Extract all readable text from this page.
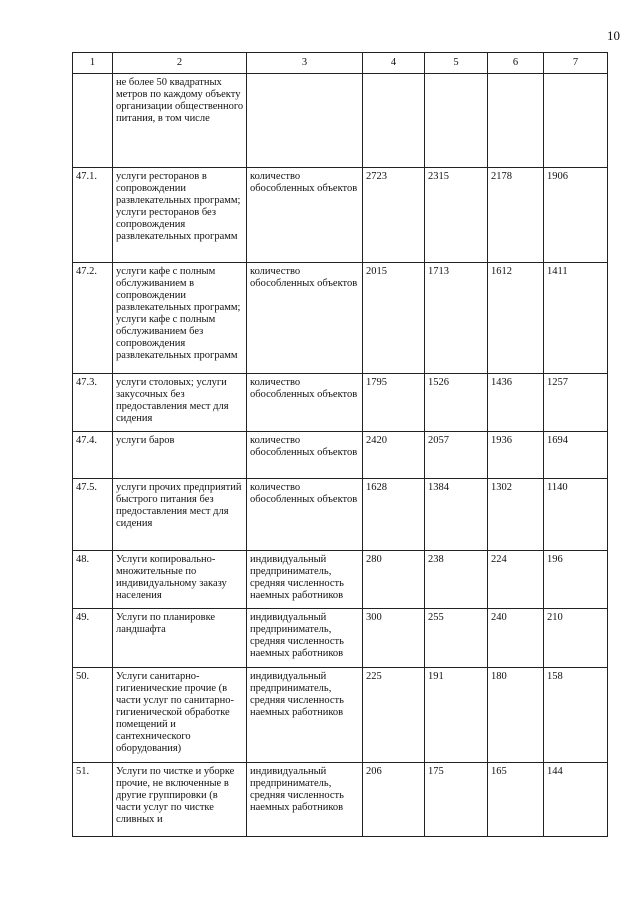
10
1	2	3	4	5	6	7
	не более 50 квадратных метров по каждому объекту организации общественного питания, в том числе					
47.1.	услуги ресторанов в сопровождении развлекательных программ; услуги ресторанов без сопровождения развлекательных программ	количество обособленных объектов	2723	2315	2178	1906
47.2.	услуги кафе с полным обслуживанием в сопровождении развлекательных программ; услуги кафе с полным обслуживанием без сопровождения развлекательных программ	количество обособленных объектов	2015	1713	1612	1411
47.3.	услуги столовых; услуги закусочных без предоставления мест для сидения	количество обособленных объектов	1795	1526	1436	1257
47.4.	услуги баров	количество обособленных объектов	2420	2057	1936	1694
47.5.	услуги прочих предприятий быстрого питания без предоставления мест для сидения	количество обособленных объектов	1628	1384	1302	1140
48.	Услуги копировально-множительные по индивидуальному заказу населения	индивидуальный предприниматель, средняя численность наемных работников	280	238	224	196
49.	Услуги по планировке ландшафта	индивидуальный предприниматель, средняя численность наемных работников	300	255	240	210
50.	Услуги санитарно-гигиенические прочие (в части услуг по санитарно-гигиенической обработке помещений и сантехнического оборудования)	индивидуальный предприниматель, средняя численность наемных работников	225	191	180	158
51.	Услуги по чистке и уборке прочие, не включенные в другие группировки (в части услуг по чистке сливных и	индивидуальный предприниматель, средняя численность наемных работников	206	175	165	144
